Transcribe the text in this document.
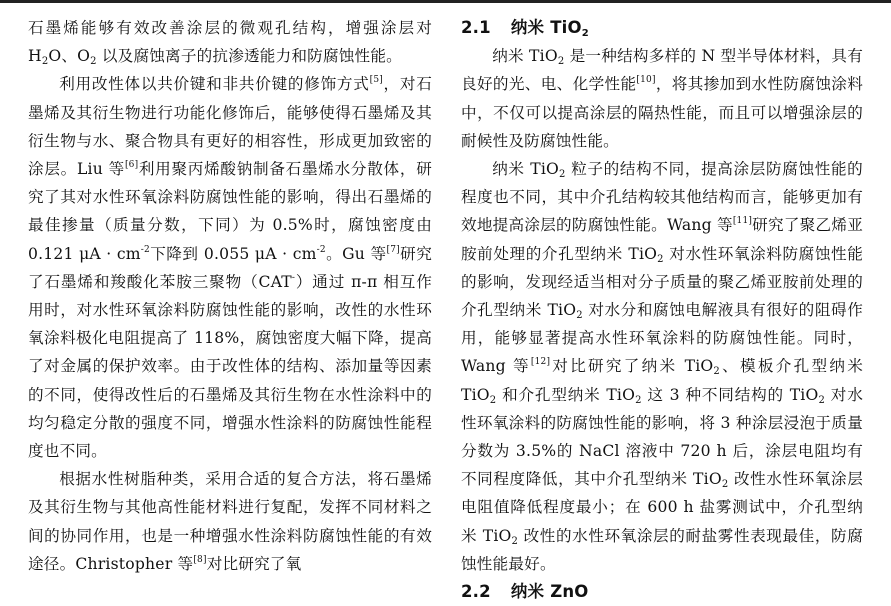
石墨烯能够有效改善涂层的微观孔结构，增强涂层对 $H_2O$、$O_2$ 以及腐蚀离子的抗渗透能力和防腐蚀性能。

利用改性体以共价键和非共价键的修饰方式[5]，对石墨烯及其衍生物进行功能化修饰后，能够使得石墨烯及其衍生物与水、聚合物具有更好的相容性，形成更加致密的涂层。Liu 等[6]利用聚丙烯酸钠制备石墨烯水分散体，研究了其对水性环氧涂料防腐蚀性能的影响，得出石墨烯的最佳掺量（质量分数，下同）为 0.5%时，腐蚀密度由 0.121 $\mu A \cdot cm^{-2}$下降到 0.055 $\mu A \cdot cm^{-2}$。Gu 等[7]研究了石墨烯和羧酸化苯胺三聚物（CAT-）通过 π-π 相互作用时，对水性环氧涂料防腐蚀性能的影响，改性的水性环氧涂料极化电阻提高了 118%，腐蚀密度大幅下降，提高了对金属的保护效率。由于改性体的结构、添加量等因素的不同，使得改性后的石墨烯及其衍生物在水性涂料中的均匀稳定分散的强度不同，增强水性涂料的防腐蚀性能程度也不同。

根据水性树脂种类，采用合适的复合方法，将石墨烯及其衍生物与其他高性能材料进行复配，发挥不同材料之间的协同作用，也是一种增强水性涂料防腐蚀性能的有效途径。Christopher 等[8]对比研究了氧

2.1 纳米 TiO$_2$

纳米 TiO$_2$ 是一种结构多样的 N 型半导体材料，具有良好的光、电、化学性能[10]，将其掺加到水性防腐蚀涂料中，不仅可以提高涂层的隔热性能，而且可以增强涂层的耐候性及防腐蚀性能。

纳米 TiO$_2$ 粒子的结构不同，提高涂层防腐蚀性能的程度也不同，其中介孔结构较其他结构而言，能够更加有效地提高涂层的防腐蚀性能。Wang 等[11]研究了聚乙烯亚胺前处理的介孔型纳米 TiO$_2$ 对水性环氧涂料防腐蚀性能的影响，发现经适当相对分子质量的聚乙烯亚胺前处理的介孔型纳米 TiO$_2$ 对水分和腐蚀电解液具有很好的阻碍作用，能够显著提高水性环氧涂料的防腐蚀性能。同时，Wang 等[12]对比研究了纳米 TiO$_2$、模板介孔型纳米 TiO$_2$ 和介孔型纳米 TiO$_2$ 这 3 种不同结构的 TiO$_2$ 对水性环氧涂料的防腐蚀性能的影响，将 3 种涂层浸泡于质量分数为 3.5%的 NaCl 溶液中 720 h 后，涂层电阻均有不同程度降低，其中介孔型纳米 TiO$_2$ 改性水性环氧涂层电阻值降低程度最小；在 600 h 盐雾测试中，介孔型纳米 TiO$_2$ 改性的水性环氧涂层的耐盐雾性表现最佳，防腐蚀性能最好。

2.2 纳米 ZnO
